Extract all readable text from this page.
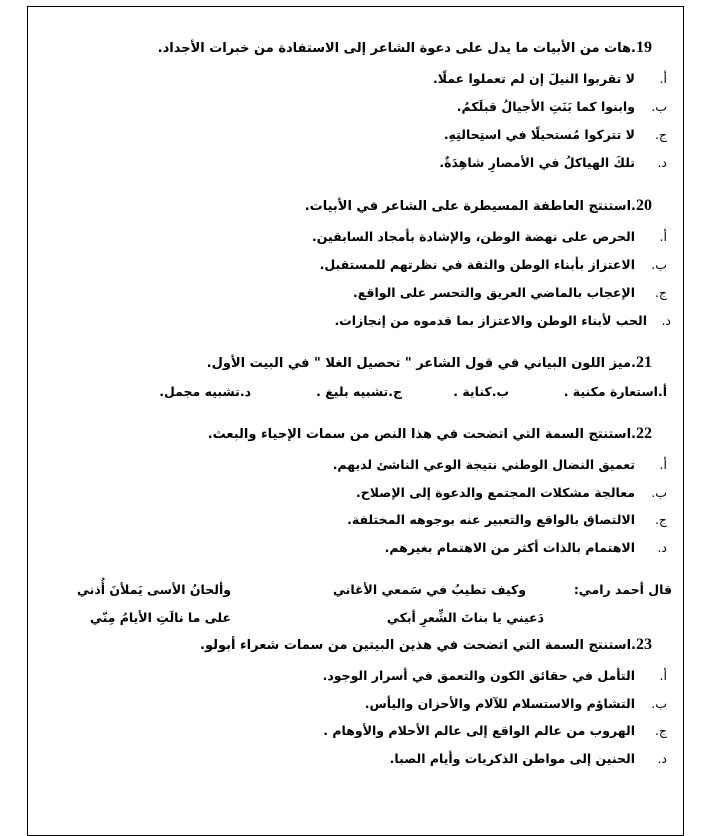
19.هات من الأبيات ما يدل على دعوة الشاعر إلى الاستفادة من خبرات الأجداد.
أ.
لا تقربوا النيلَ إن لم تعملوا عملًا.
ب.
وابنوا كما بَنَتِ الأجيالُ قبلَكمُ.
ج.
لا تتركوا مُستحيلًا في استِحالتِهِ.
د.
تلكَ الهياكلُ في الأمصارِ شاهِدَةٌ.
20.استنتج العاطفة المسيطرة على الشاعر في الأبيات.
أ.
الحرص على نهضة الوطن، والإشادة بأمجاد السابقين.
ب.
الاعتزاز بأبناء الوطن والثقة في نظرتهم للمستقبل.
ج.
الإعجاب بالماضي العريق والتحسر على الواقع.
د.
الحب لأبناء الوطن والاعتزاز بما قدموه من إنجازات.
21.ميز اللون البياني في قول الشاعر " تحصيل الغلا " في البيت الأول.
أ.استعارة مكنية .
ب.كناية .
ج.تشبيه بليغ .
د.تشبيه مجمل.
22.استنتج السمة التي اتضحت في هذا النص من سمات الإحياء والبعث.
أ.
تعميق النضال الوطني نتيجة الوعي الناشئ لديهم.
ب.
معالجة مشكلات المجتمع والدعوة إلى الإصلاح.
ج.
الالتصاق بالواقع والتعبير عنه بوجوهه المختلفة.
د.
الاهتمام بالذات أكثر من الاهتمام بغيرهم.
قال أحمد رامي:
وكيف تطيبُ في سَمعي الأغاني
وألحانُ الأسى يَملأنَ أُذني
دَعيني يا بناتَ الشِّعرِ أبكي
على ما نالَتِ الأيامُ مِنّي
23.استنتج السمة التي اتضحت في هذين البيتين من سمات شعراء أبولو.
أ.
التأمل في حقائق الكون والتعمق في أسرار الوجود.
ب.
التشاؤم والاستسلام للآلام والأحزان واليأس.
ج.
الهروب من عالم الواقع إلى عالم الأحلام والأوهام .
د.
الحنين إلى مواطن الذكريات وأيام الصبا.
